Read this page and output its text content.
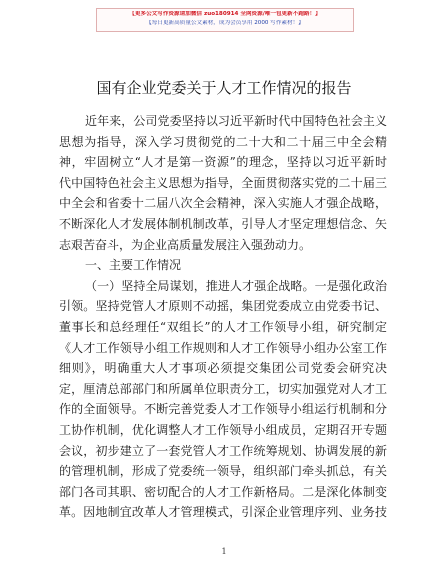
【更多公文写作资源请加微信 zuo180914 全网资源/唯一包更新不跑路！】
【每日更新高质量公文素材，成为会员享用 2000 写作素材！】
国有企业党委关于人才工作情况的报告
近年来，公司党委坚持以习近平新时代中国特色社会主义
思想为指导，深入学习贯彻党的二十大和二十届三中全会精
神，牢固树立“人才是第一资源”的理念，坚持以习近平新时
代中国特色社会主义思想为指导，全面贯彻落实党的二十届三
中全会和省委十二届八次全会精神，深入实施人才强企战略，
不断深化人才发展体制机制改革，引导人才坚定理想信念、矢
志艰苦奋斗，为企业高质量发展注入强劲动力。
一、主要工作情况
（一）坚持全局谋划，推进人才强企战略。一是强化政治
引领。坚持党管人才原则不动摇，集团党委成立由党委书记、
董事长和总经理任“双组长”的人才工作领导小组，研究制定
《人才工作领导小组工作规则和人才工作领导小组办公室工作
细则》，明确重大人才事项必须提交集团公司党委会研究决
定，厘清总部部门和所属单位职责分工，切实加强党对人才工
作的全面领导。不断完善党委人才工作领导小组运行机制和分
工协作机制，优化调整人才工作领导小组成员，定期召开专题
会议，初步建立了一套党管人才工作统筹规划、协调发展的新
的管理机制，形成了党委统一领导，组织部门牵头抓总，有关
部门各司其职、密切配合的人才工作新格局。二是深化体制变
革。因地制宜改革人才管理模式，引深企业管理序列、业务技
1
